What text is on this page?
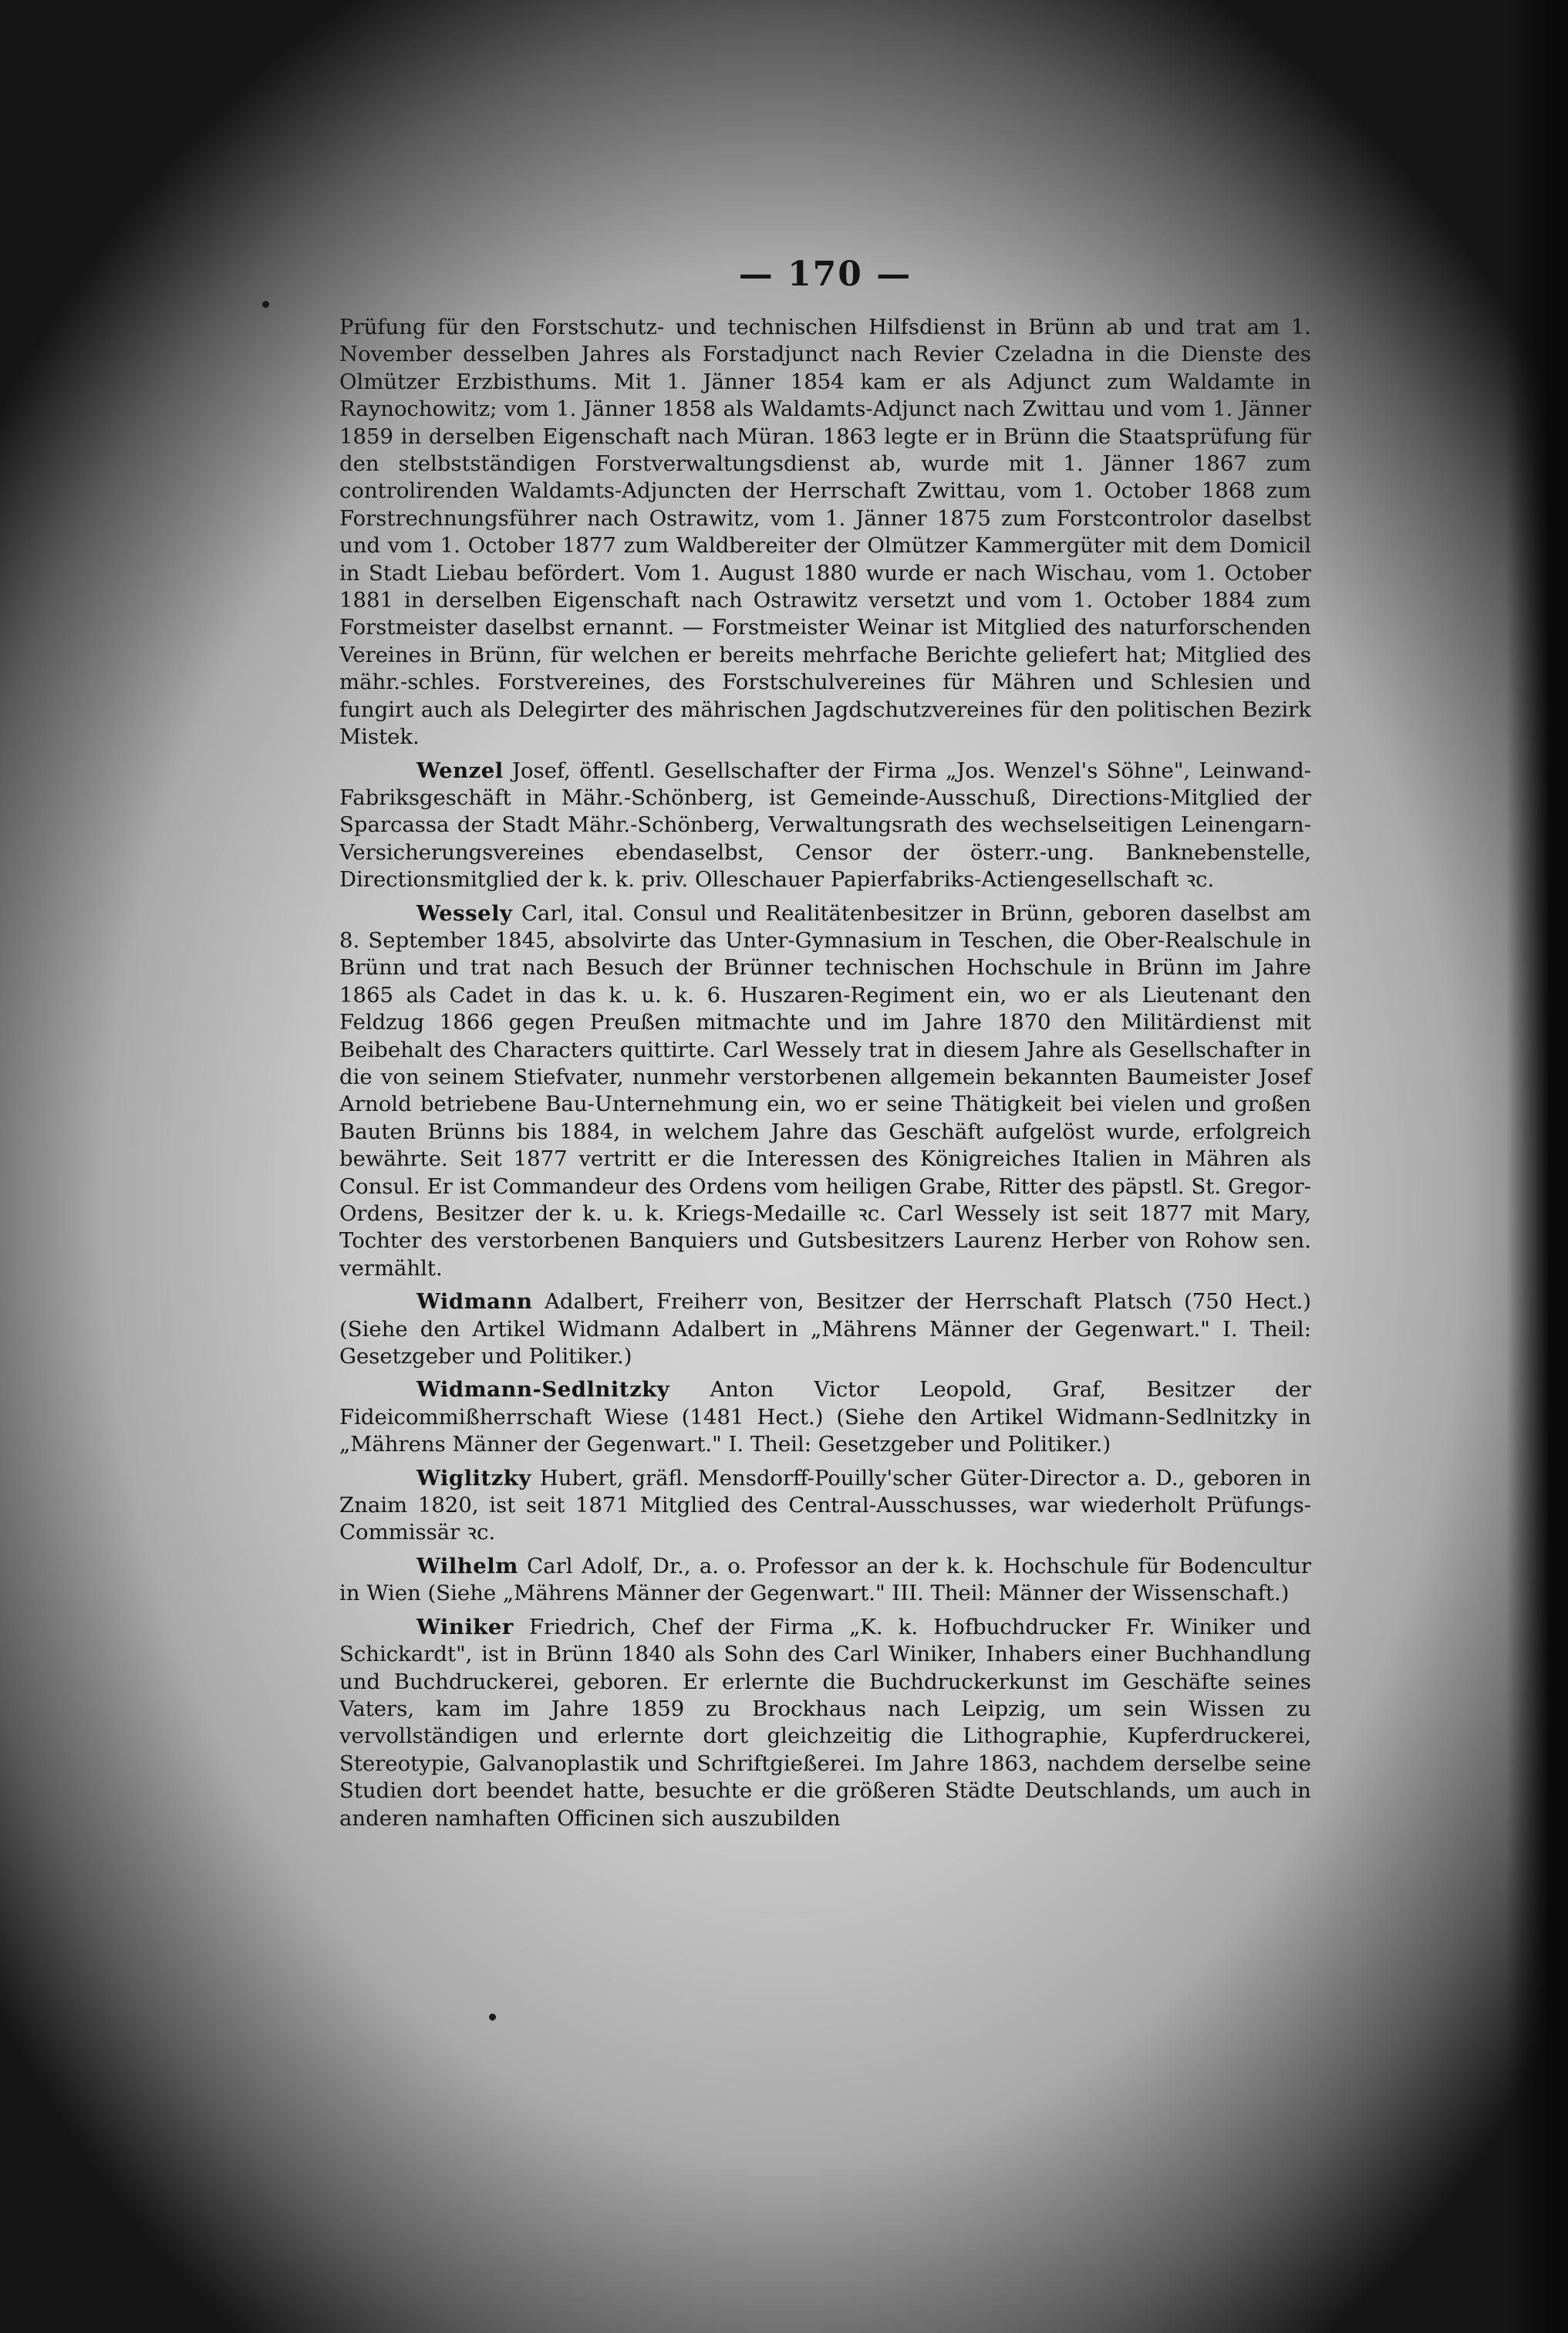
— 170 —

Prüfung für den Forstschutz- und technischen Hilfsdienst in Brünn ab und trat am 1. November desselben Jahres als Forstadjunct nach Revier Czeladna in die Dienste des Olmützer Erzbisthums. Mit 1. Jänner 1854 kam er als Adjunct zum Waldamte in Raynochowitz; vom 1. Jänner 1858 als Waldamts-Adjunct nach Zwittau und vom 1. Jänner 1859 in derselben Eigenschaft nach Müran. 1863 legte er in Brünn die Staatsprüfung für den stelbstständigen Forstverwaltungsdienst ab, wurde mit 1. Jänner 1867 zum controlirenden Waldamts-Adjuncten der Herrschaft Zwittau, vom 1. October 1868 zum Forstrechnungsführer nach Ostrawitz, vom 1. Jänner 1875 zum Forstcontrolor daselbst und vom 1. October 1877 zum Waldbereiter der Olmützer Kammergüter mit dem Domicil in Stadt Liebau befördert. Vom 1. August 1880 wurde er nach Wischau, vom 1. October 1881 in derselben Eigenschaft nach Ostrawitz versetzt und vom 1. October 1884 zum Forstmeister daselbst ernannt. — Forstmeister Weinar ist Mitglied des naturforschenden Vereines in Brünn, für welchen er bereits mehrfache Berichte geliefert hat; Mitglied des mähr.-schles. Forstvereines, des Forstschulvereines für Mähren und Schlesien und fungirt auch als Delegirter des mährischen Jagdschutzvereines für den politischen Bezirk Mistek.

Wenzel Josef, öffentl. Gesellschafter der Firma „Jos. Wenzel's Söhne", Leinwand-Fabriksgeschäft in Mähr.-Schönberg, ist Gemeinde-Ausschuß, Directions-Mitglied der Sparcassa der Stadt Mähr.-Schönberg, Verwaltungsrath des wechselseitigen Leinengarn-Versicherungsvereines ebendaselbst, Censor der österr.-ung. Banknebenstelle, Directionsmitglied der k. k. priv. Olleschauer Papierfabriks-Actiengesellschaft ꝛc.

Wessely Carl, ital. Consul und Realitätenbesitzer in Brünn, geboren daselbst am 8. September 1845, absolvirte das Unter-Gymnasium in Teschen, die Ober-Realschule in Brünn und trat nach Besuch der Brünner technischen Hochschule in Brünn im Jahre 1865 als Cadet in das k. u. k. 6. Huszaren-Regiment ein, wo er als Lieutenant den Feldzug 1866 gegen Preußen mitmachte und im Jahre 1870 den Militärdienst mit Beibehalt des Characters quittirte. Carl Wessely trat in diesem Jahre als Gesellschafter in die von seinem Stiefvater, nunmehr verstorbenen allgemein bekannten Baumeister Josef Arnold betriebene Bau-Unternehmung ein, wo er seine Thätigkeit bei vielen und großen Bauten Brünns bis 1884, in welchem Jahre das Geschäft aufgelöst wurde, erfolgreich bewährte. Seit 1877 vertritt er die Interessen des Königreiches Italien in Mähren als Consul. Er ist Commandeur des Ordens vom heiligen Grabe, Ritter des päpstl. St. Gregor-Ordens, Besitzer der k. u. k. Kriegs-Medaille ꝛc. Carl Wessely ist seit 1877 mit Mary, Tochter des verstorbenen Banquiers und Gutsbesitzers Laurenz Herber von Rohow sen. vermählt.

Widmann Adalbert, Freiherr von, Besitzer der Herrschaft Platsch (750 Hect.) (Siehe den Artikel Widmann Adalbert in „Mährens Männer der Gegenwart." I. Theil: Gesetzgeber und Politiker.)

Widmann-Sedlnitzky Anton Victor Leopold, Graf, Besitzer der Fideicommißherrschaft Wiese (1481 Hect.) (Siehe den Artikel Widmann-Sedlnitzky in „Mährens Männer der Gegenwart." I. Theil: Gesetzgeber und Politiker.)

Wiglitzky Hubert, gräfl. Mensdorff-Pouilly'scher Güter-Director a. D., geboren in Znaim 1820, ist seit 1871 Mitglied des Central-Ausschusses, war wiederholt Prüfungs-Commissär ꝛc.

Wilhelm Carl Adolf, Dr., a. o. Professor an der k. k. Hochschule für Bodencultur in Wien (Siehe „Mährens Männer der Gegenwart." III. Theil: Männer der Wissenschaft.)

Winiker Friedrich, Chef der Firma „K. k. Hofbuchdrucker Fr. Winiker und Schickardt", ist in Brünn 1840 als Sohn des Carl Winiker, Inhabers einer Buchhandlung und Buchdruckerei, geboren. Er erlernte die Buchdruckerkunst im Geschäfte seines Vaters, kam im Jahre 1859 zu Brockhaus nach Leipzig, um sein Wissen zu vervollständigen und erlernte dort gleichzeitig die Lithographie, Kupferdruckerei, Stereotypie, Galvanoplastik und Schriftgießerei. Im Jahre 1863, nachdem derselbe seine Studien dort beendet hatte, besuchte er die größeren Städte Deutschlands, um auch in anderen namhaften Officinen sich auszubilden
